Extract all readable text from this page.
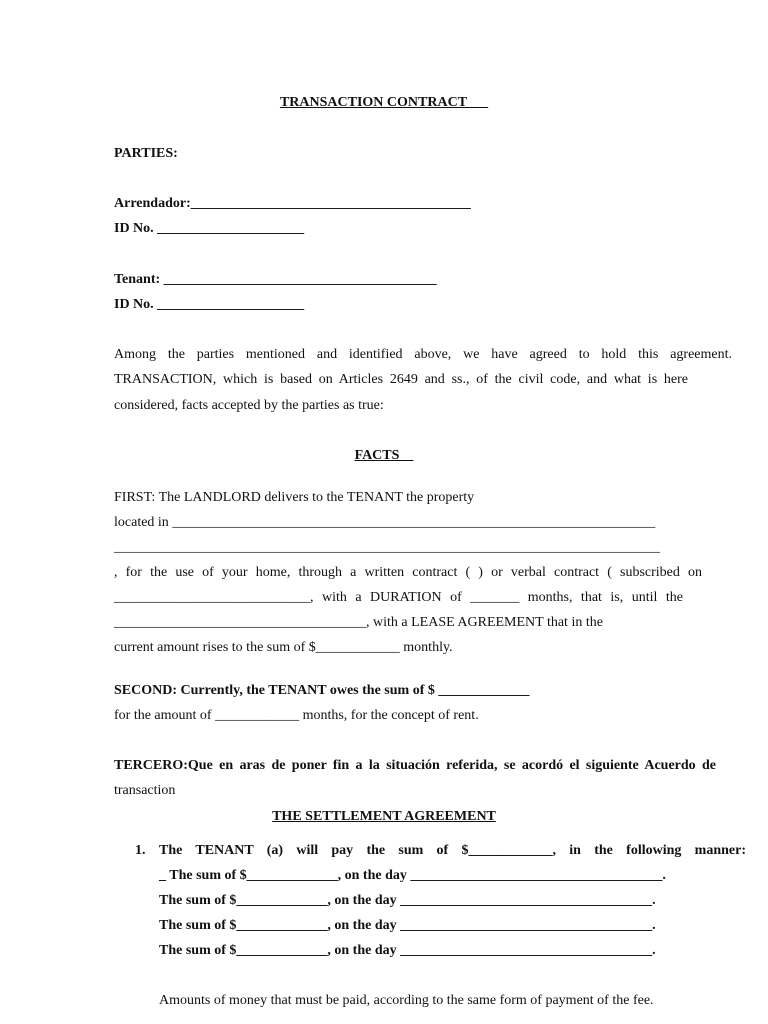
TRANSACTION CONTRACT___
PARTIES:
Arrendador:________________________________________
ID No. _____________________
Tenant: _______________________________________
ID No. _____________________
Among the parties mentioned and identified above, we have agreed to hold this agreement.
TRANSACTION, which is based on Articles 2649 and ss., of the civil code, and what is here
considered, facts accepted by the parties as true:
FACTS__
FIRST: The LANDLORD delivers to the TENANT the property
located in _____________________________________________________________________
______________________________________________________________________________
, for the use of your home, through a written contract ( ) or verbal contract ( subscribed on
____________________________, with a DURATION of _______ months, that is, until the
____________________________________, with a LEASE AGREEMENT that in the
current amount rises to the sum of $____________ monthly.
SECOND: Currently, the TENANT owes the sum of $ _____________
for the amount of ____________ months, for the concept of rent.
TERCERO:Que en aras de poner fin a la situación referida, se acordó el siguiente Acuerdo de
transaction
THE SETTLEMENT AGREEMENT
1. The TENANT (a) will pay the sum of $____________, in the following manner:
_ The sum of $_____________, on the day ____________________________________.
The sum of $_____________, on the day ____________________________________.
The sum of $_____________, on the day ____________________________________.
The sum of $_____________, on the day ____________________________________.
Amounts of money that must be paid, according to the same form of payment of the fee.
